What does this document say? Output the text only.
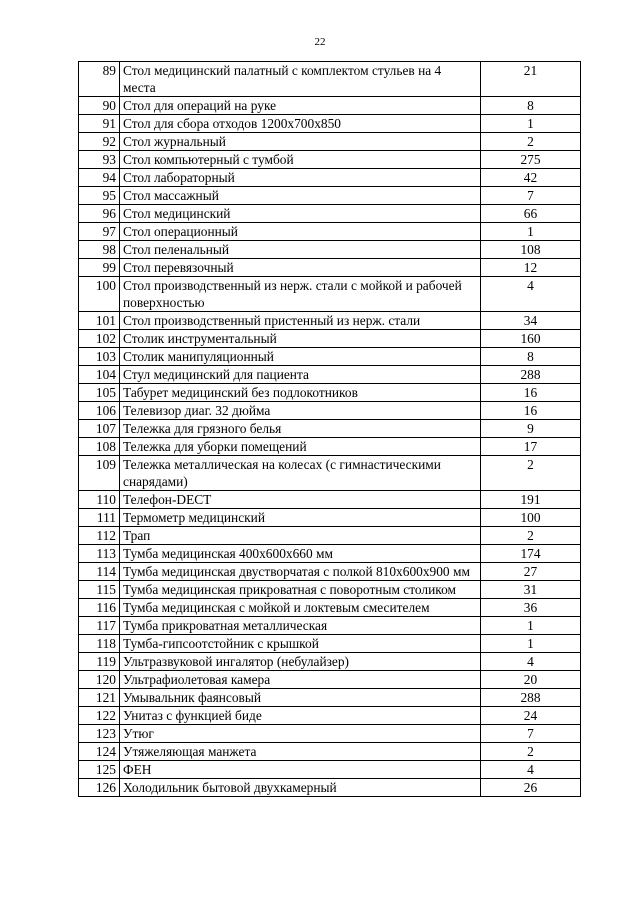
22
89	Стол медицинский палатный с комплектом стульев на 4 места	21
90	Стол для операций на руке	8
91	Стол для сбора отходов 1200х700х850	1
92	Стол журнальный	2
93	Стол компьютерный с тумбой	275
94	Стол лабораторный	42
95	Стол массажный	7
96	Стол медицинский	66
97	Стол операционный	1
98	Стол пеленальный	108
99	Стол перевязочный	12
100	Стол производственный из нерж. стали с мойкой и рабочей поверхностью	4
101	Стол производственный пристенный из нерж. стали	34
102	Столик инструментальный	160
103	Столик манипуляционный	8
104	Стул медицинский для пациента	288
105	Табурет медицинский без подлокотников	16
106	Телевизор диаг. 32 дюйма	16
107	Тележка для грязного белья	9
108	Тележка для уборки помещений	17
109	Тележка металлическая на колесах (с гимнастическими снарядами)	2
110	Телефон-DECT	191
111	Термометр медицинский	100
112	Трап	2
113	Тумба медицинская 400х600х660 мм	174
114	Тумба медицинская двустворчатая с полкой 810х600х900 мм	27
115	Тумба медицинская прикроватная с поворотным столиком	31
116	Тумба медицинская с мойкой и локтевым смесителем	36
117	Тумба прикроватная металлическая	1
118	Тумба-гипсоотстойник с крышкой	1
119	Ультразвуковой ингалятор (небулайзер)	4
120	Ультрафиолетовая камера	20
121	Умывальник фаянсовый	288
122	Унитаз с функцией биде	24
123	Утюг	7
124	Утяжеляющая манжета	2
125	ФЕН	4
126	Холодильник бытовой двухкамерный	26
